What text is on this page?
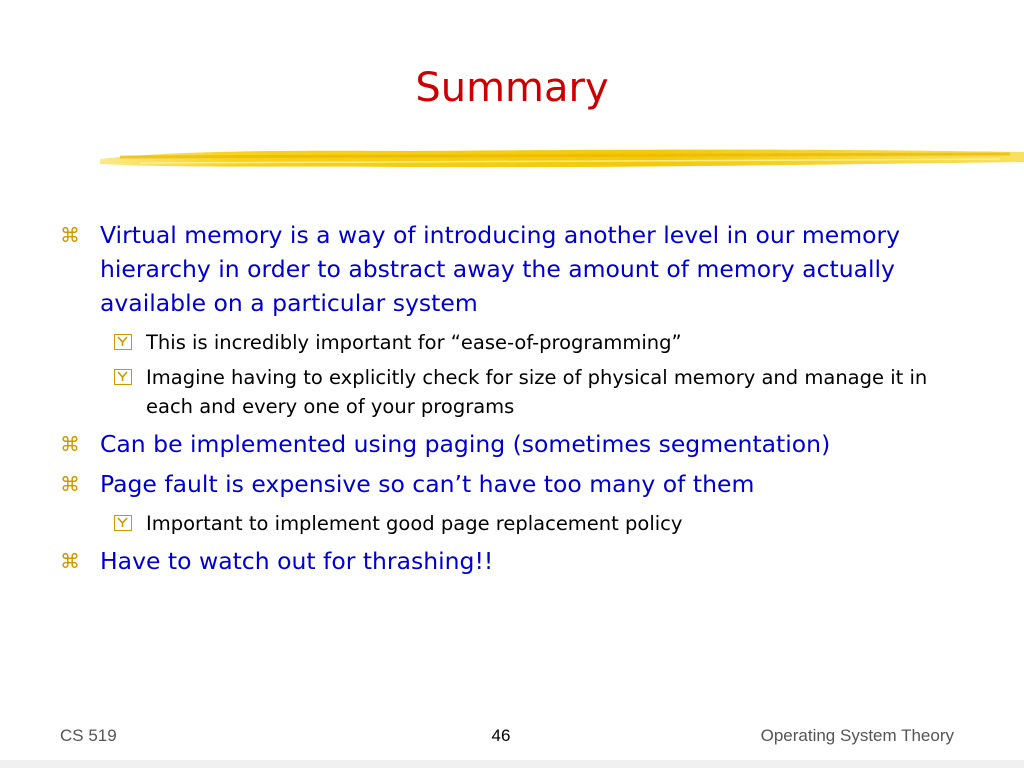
Summary
⌘ Virtual memory is a way of introducing another level in our memory hierarchy in order to abstract away the amount of memory actually available on a particular system
This is incredibly important for “ease-of-programming”
Imagine having to explicitly check for size of physical memory and manage it in each and every one of your programs
⌘ Can be implemented using paging (sometimes segmentation)
⌘ Page fault is expensive so can’t have too many of them
Important to implement good page replacement policy
⌘ Have to watch out for thrashing!!
CS 519	46	Operating System Theory
